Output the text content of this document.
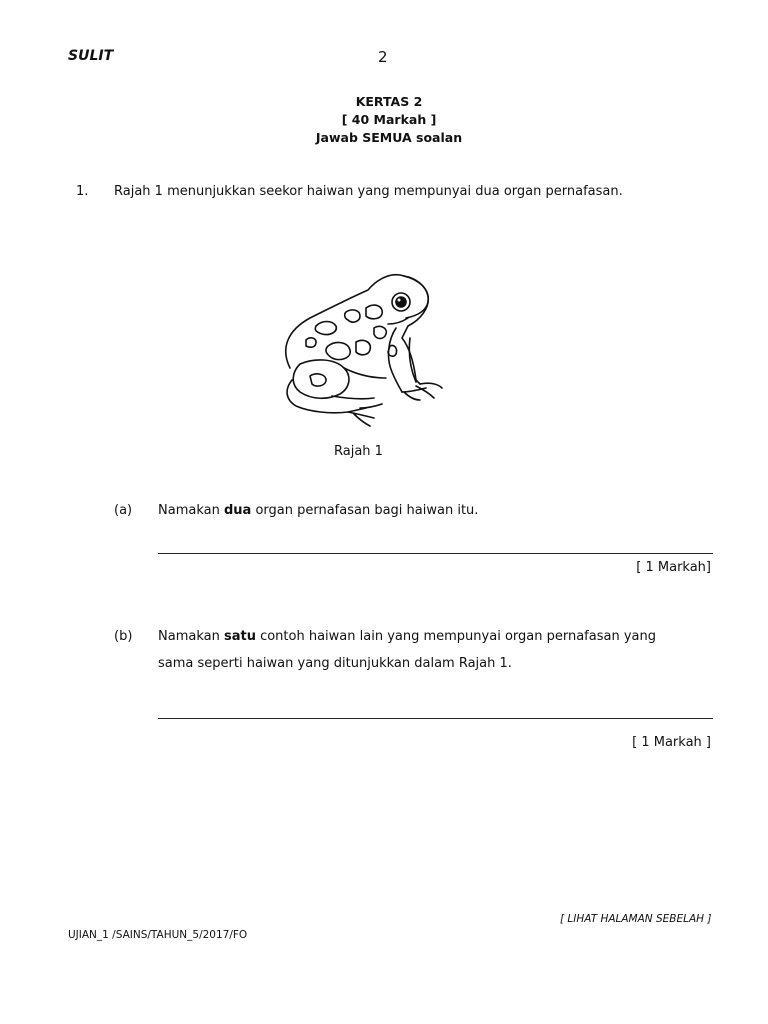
SULIT	2
KERTAS 2
[ 40 Markah ]
Jawab SEMUA soalan
1. Rajah 1 menunjukkan seekor haiwan yang mempunyai dua organ pernafasan.
Rajah 1
(a) Namakan dua organ pernafasan bagi haiwan itu.
[ 1 Markah]
(b) Namakan satu contoh haiwan lain yang mempunyai organ pernafasan yang
sama seperti haiwan yang ditunjukkan dalam Rajah 1.
[ 1 Markah ]
[ LIHAT HALAMAN SEBELAH ]
UJIAN_1 /SAINS/TAHUN_5/2017/FO
